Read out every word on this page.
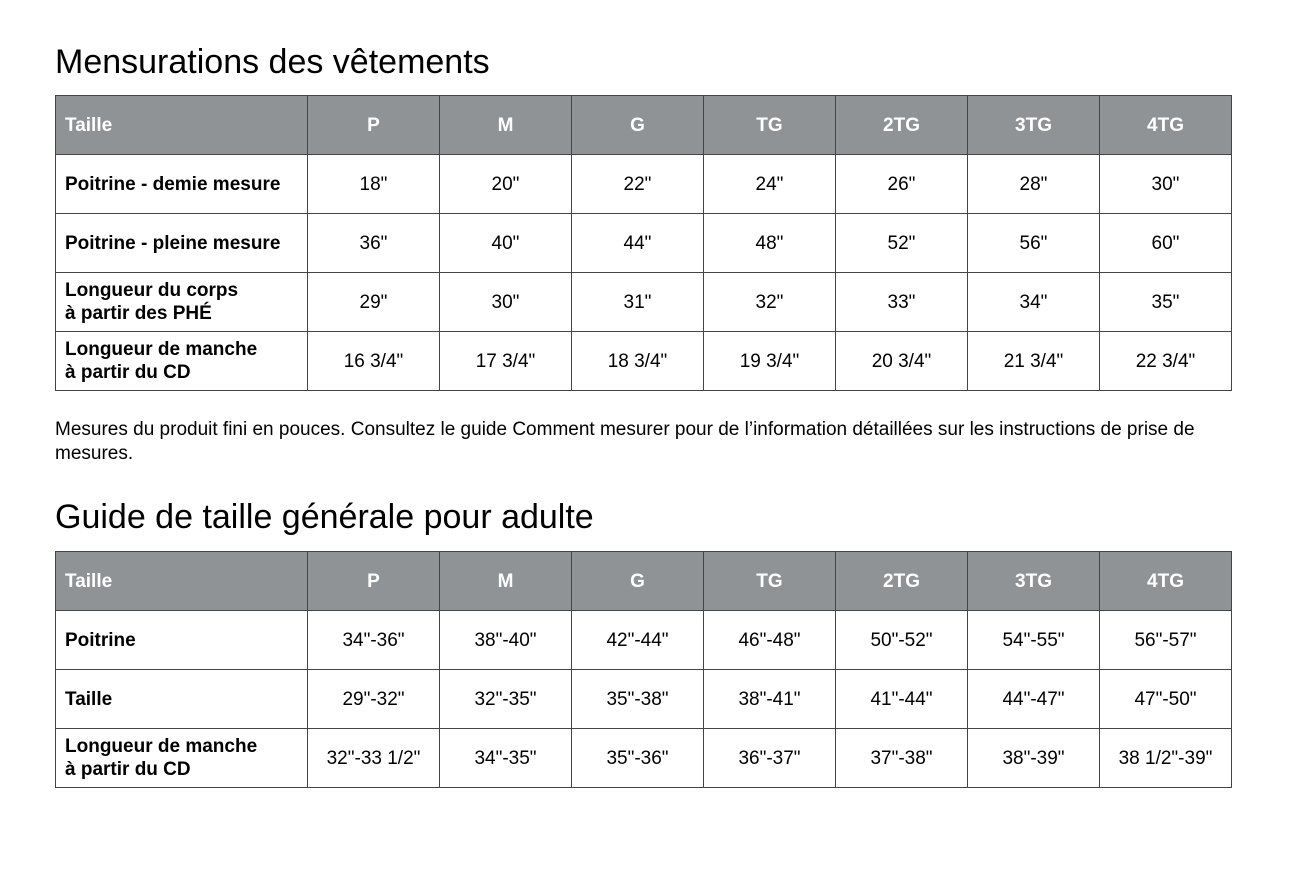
Mensurations des vêtements
Taille	P	M	G	TG	2TG	3TG	4TG

Poitrine - demie mesure	18"	20"	22"	24"	26"	28"	30"

Poitrine - pleine mesure	36"	40"	44"	48"	52"	56"	60"

Longueur du corps
à partir des PHÉ	29"	30"	31"	32"	33"	34"	35"

Longueur de manche
à partir du CD	16 3/4"	17 3/4"	18 3/4"	19 3/4"	20 3/4"	21 3/4"	22 3/4"

Mesures du produit fini en pouces. Consultez le guide Comment mesurer pour de l’information détaillées sur les instructions de prise de mesures.

Guide de taille générale pour adulte
Taille	P	M	G	TG	2TG	3TG	4TG

Poitrine	34"-36"	38"-40"	42"-44"	46"-48"	50"-52"	54"-55"	56"-57"

Taille	29"-32"	32"-35"	35"-38"	38"-41"	41"-44"	44"-47"	47"-50"

Longueur de manche
à partir du CD	32"-33 1/2"	34"-35"	35"-36"	36"-37"	37"-38"	38"-39"	38 1/2"-39"
